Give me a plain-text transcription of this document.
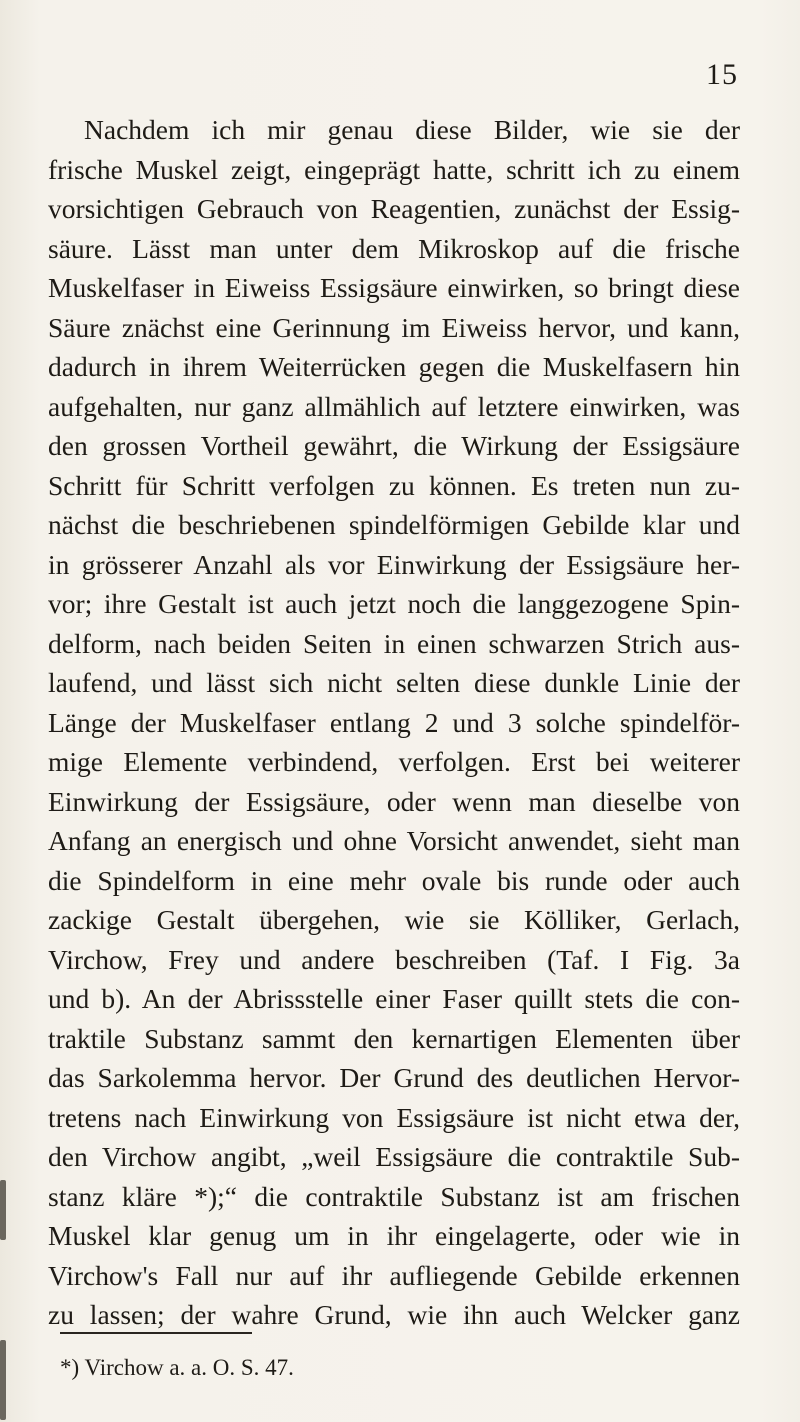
15
Nachdem ich mir genau diese Bilder, wie sie der
frische Muskel zeigt, eingeprägt hatte, schritt ich zu einem
vorsichtigen Gebrauch von Reagentien, zunächst der Essig-
säure. Lässt man unter dem Mikroskop auf die frische
Muskelfaser in Eiweiss Essigsäure einwirken, so bringt diese
Säure znächst eine Gerinnung im Eiweiss hervor, und kann,
dadurch in ihrem Weiterrücken gegen die Muskelfasern hin
aufgehalten, nur ganz allmählich auf letztere einwirken, was
den grossen Vortheil gewährt, die Wirkung der Essigsäure
Schritt für Schritt verfolgen zu können. Es treten nun zu-
nächst die beschriebenen spindelförmigen Gebilde klar und
in grösserer Anzahl als vor Einwirkung der Essigsäure her-
vor; ihre Gestalt ist auch jetzt noch die langgezogene Spin-
delform, nach beiden Seiten in einen schwarzen Strich aus-
laufend, und lässt sich nicht selten diese dunkle Linie der
Länge der Muskelfaser entlang 2 und 3 solche spindelför-
mige Elemente verbindend, verfolgen. Erst bei weiterer
Einwirkung der Essigsäure, oder wenn man dieselbe von
Anfang an energisch und ohne Vorsicht anwendet, sieht man
die Spindelform in eine mehr ovale bis runde oder auch
zackige Gestalt übergehen, wie sie Kölliker, Gerlach,
Virchow, Frey und andere beschreiben (Taf. I Fig. 3a
und b). An der Abrissstelle einer Faser quillt stets die con-
traktile Substanz sammt den kernartigen Elementen über
das Sarkolemma hervor. Der Grund des deutlichen Hervor-
tretens nach Einwirkung von Essigsäure ist nicht etwa der,
den Virchow angibt, „weil Essigsäure die contraktile Sub-
stanz kläre *);“ die contraktile Substanz ist am frischen
Muskel klar genug um in ihr eingelagerte, oder wie in
Virchow's Fall nur auf ihr aufliegende Gebilde erkennen
zu lassen; der wahre Grund, wie ihn auch Welcker ganz
*) Virchow a. a. O. S. 47.
